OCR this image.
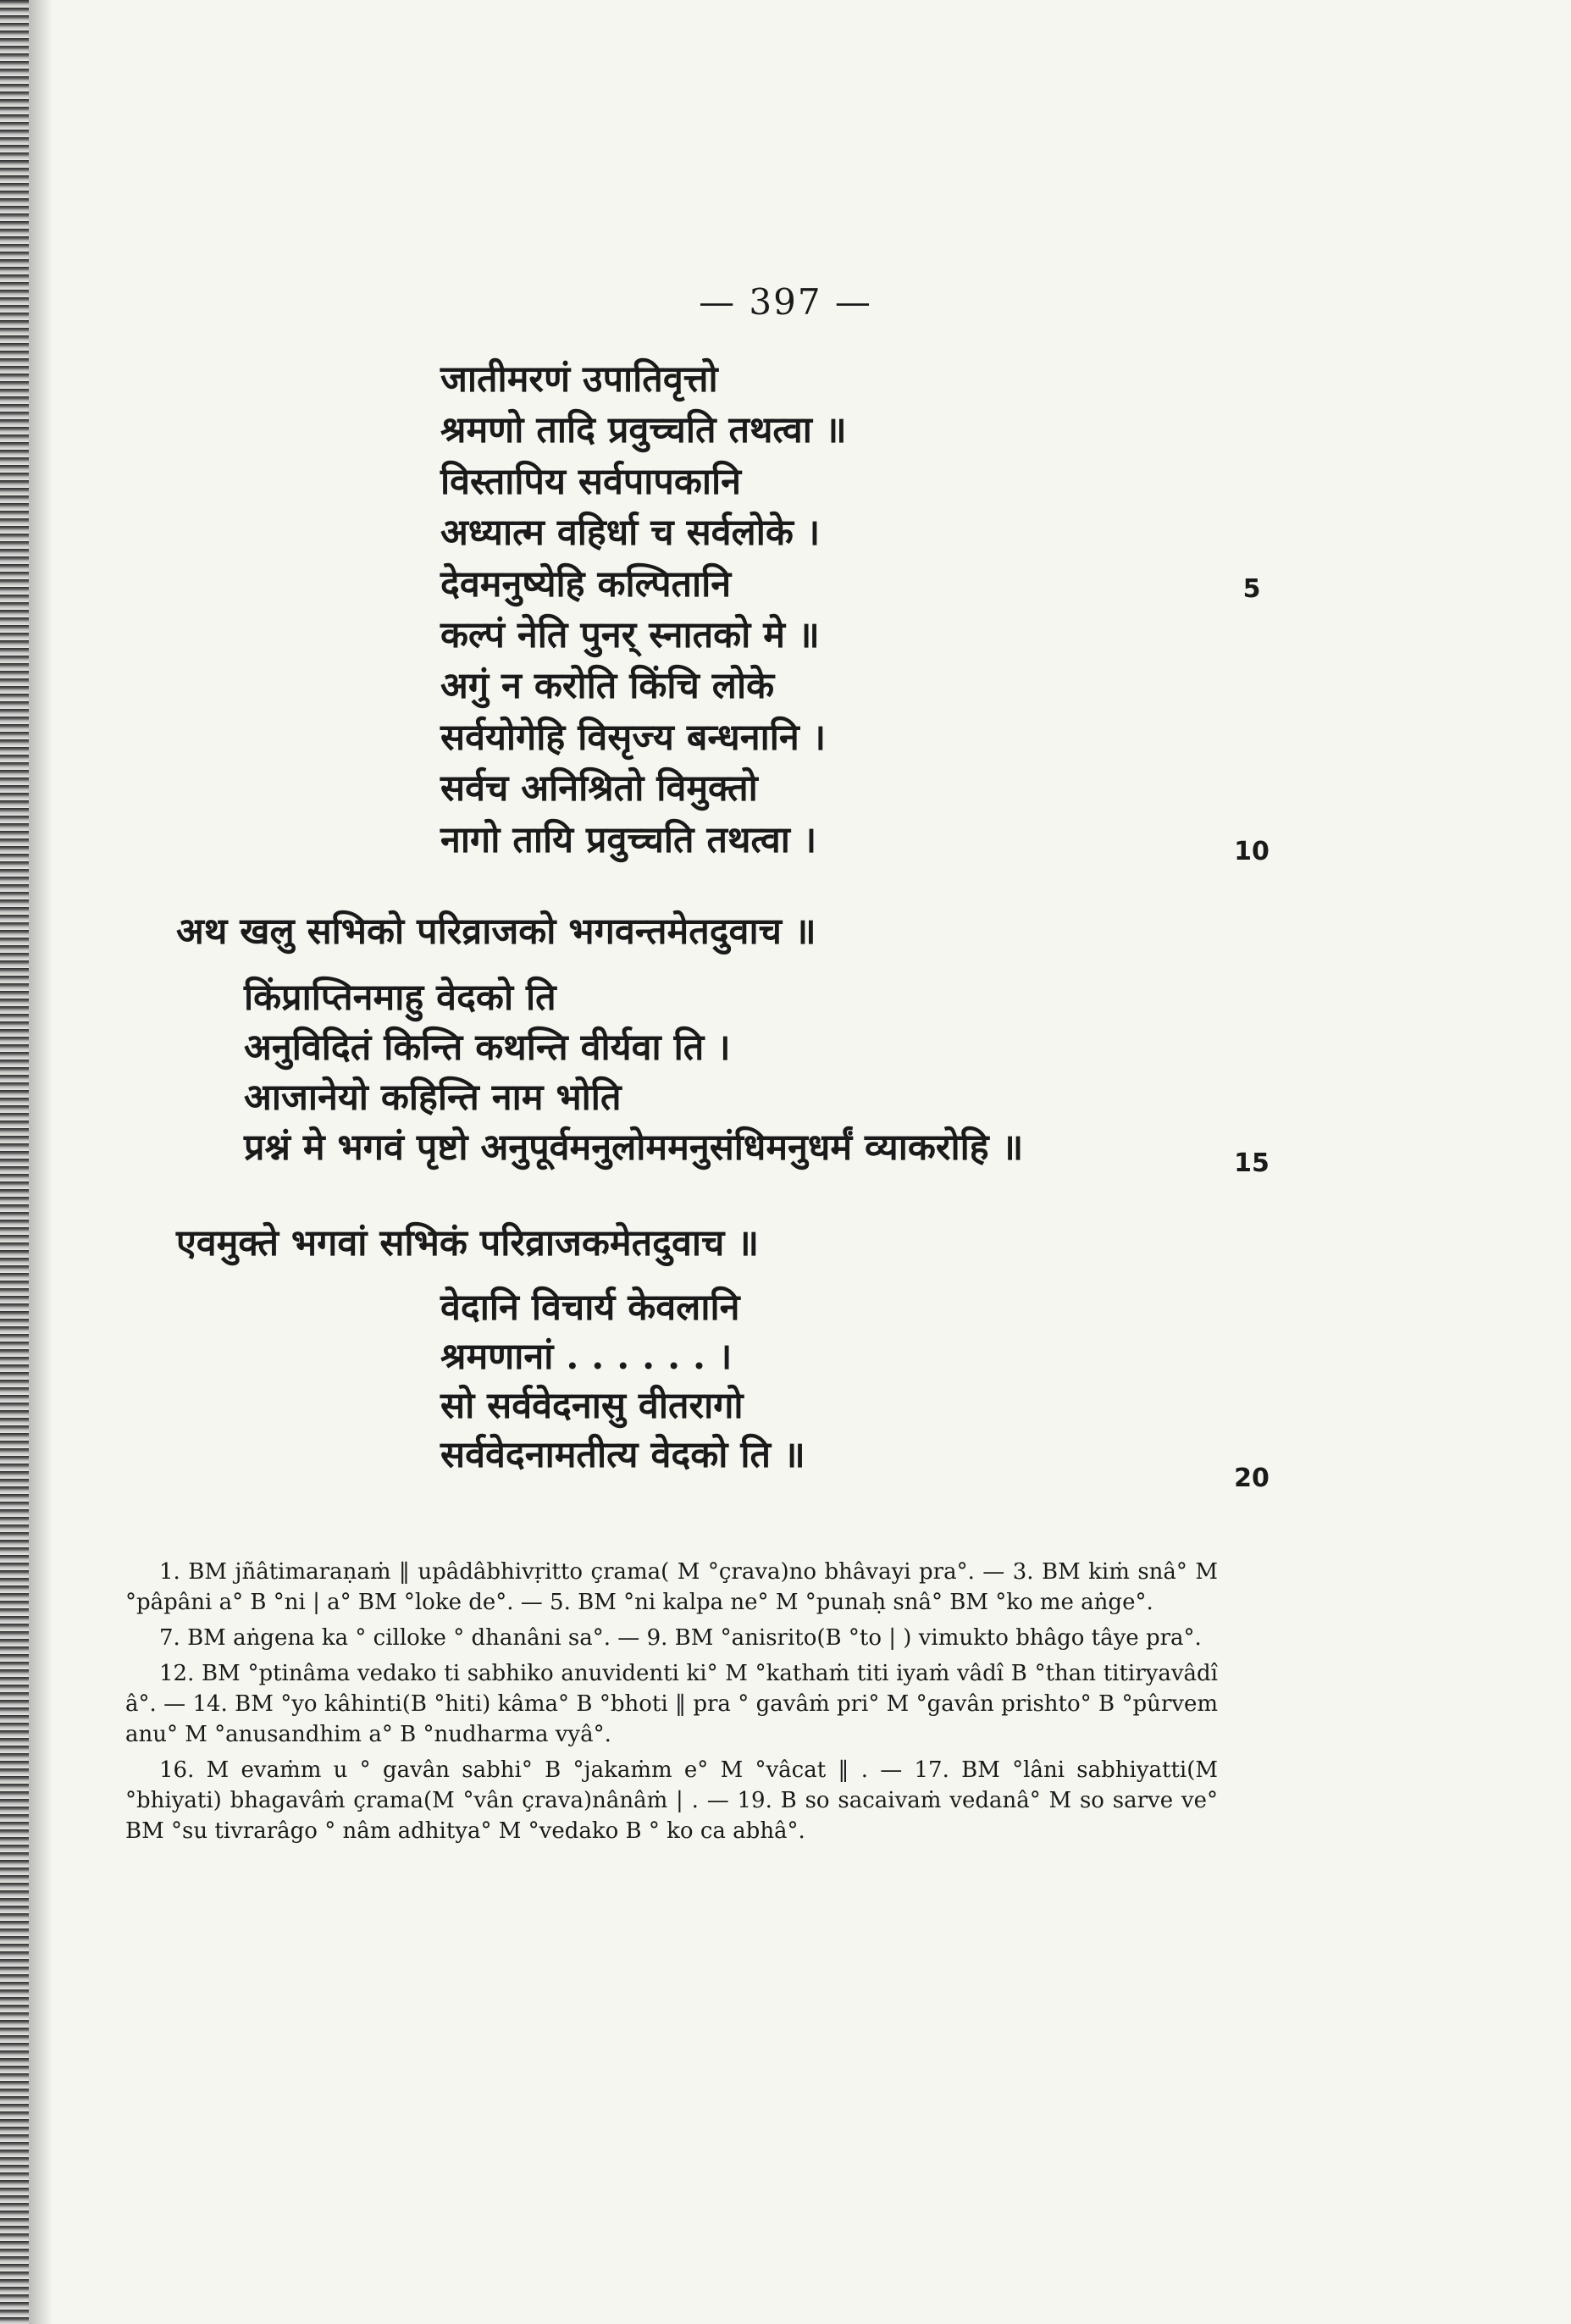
— 397 —
जातीमरणं उपातिवृत्तो
श्रमणो तादि प्रवुच्चति तथत्वा ॥
विस्तापिय सर्वपापकानि
अध्यात्म वहिर्धा च सर्वलोके ।
देवमनुष्येहि कल्पितानि
कल्पं नेति पुनर् स्नातको मे ॥
अगुं न करोति किंचि लोके
सर्वयोगेहि विसृज्य बन्धनानि ।
सर्वच अनिश्रितो विमुक्तो
नागो तायि प्रवुच्चति तथत्वा ।
5
10
अथ खलु सभिको परिव्राजको भगवन्तमेतदुवाच ॥
किंप्राप्तिनमाहु वेदको ति
अनुविदितं किन्ति कथन्ति वीर्यवा ति ।
आजानेयो कहिन्ति नाम भोति
प्रश्नं मे भगवं पृष्टो अनुपूर्वमनुलोममनुसंधिमनुधर्मं व्याकरोहि ॥	15
एवमुक्ते भगवां सभिकं परिव्राजकमेतदुवाच ॥
वेदानि विचार्य केवलानि
श्रमणानां . . . . . . ।
सो सर्ववेदनासु वीतरागो
सर्ववेदनामतीत्य वेदको ति ॥
20

1. BM jñâtimaraṇaṁ ‖ upâdâbhivṛitto çrama( M °çrava)no bhâvayi pra°. — 3. BM kiṁ snâ° M °pâpâni a° B °ni | a° BM °loke de°. — 5. BM °ni kalpa ne° M °punaḥ snâ° BM °ko me aṅge°.

7. BM aṅgena ka ° cilloke ° dhanâni sa°. — 9. BM °anisrito(B °to | ) vimukto bhâgo tâye pra°.

12. BM °ptinâma vedako ti sabhiko anuvidenti ki° M °kathaṁ titi iyaṁ vâdî B °than titiryavâdî â°. — 14. BM °yo kâhinti(B °hiti) kâma° B °bhoti ‖ pra ° gavâṁ pri° M °gavân prishto° B °pûrvem anu° M °anusandhim a° B °nudharma vyâ°.

16. M evaṁm u ° gavân sabhi° B °jakaṁm e° M °vâcat ‖ . — 17. BM °lâni sabhiyatti(M °bhiyati) bhagavâṁ çrama(M °vân çrava)nânâṁ | . — 19. B so sacaivaṁ vedanâ° M so sarve ve° BM °su tivrarâgo ° nâm adhitya° M °vedako B ° ko ca abhâ°.
